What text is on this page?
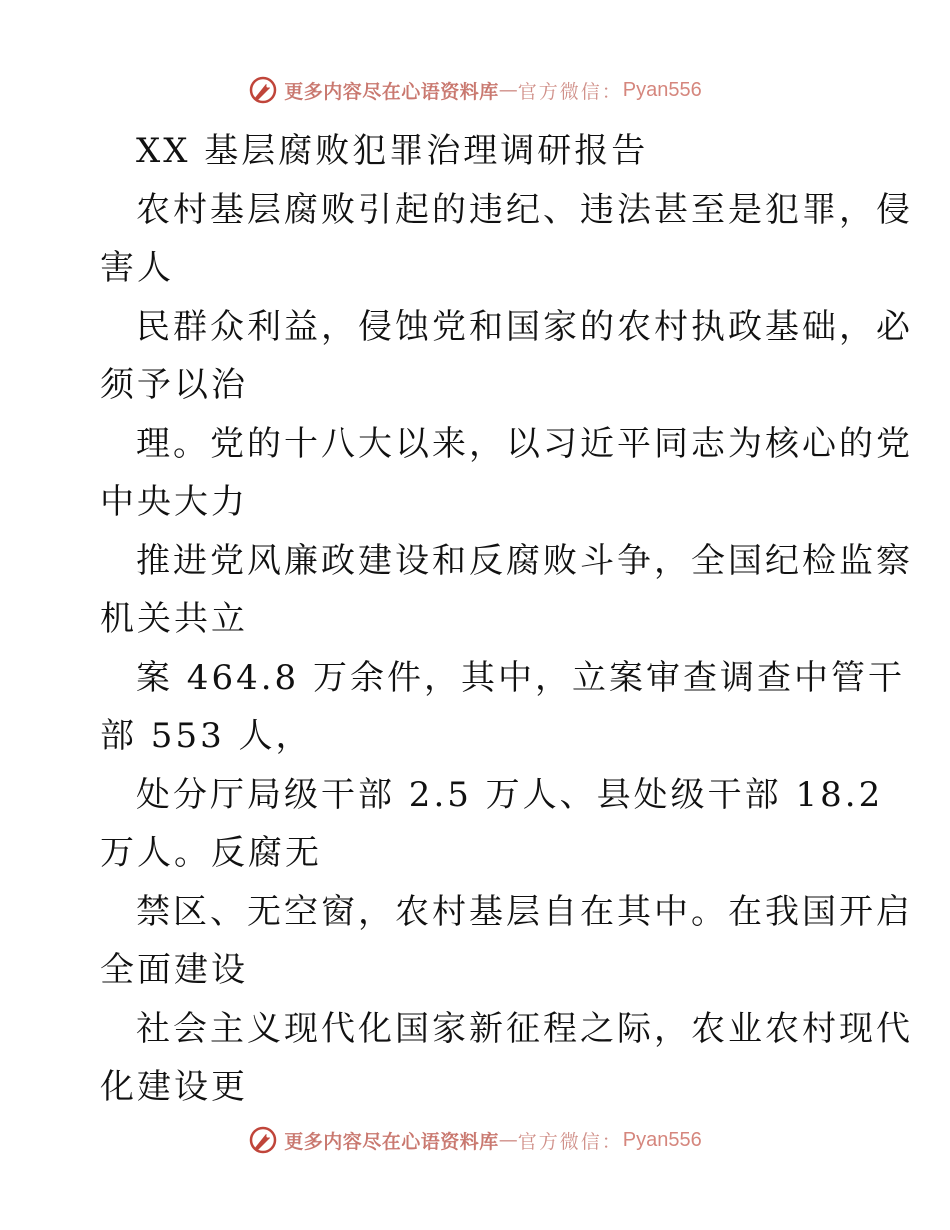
更多内容尽在心语资料库 — 官方微信： Pyan556
XX 基层腐败犯罪治理调研报告
农村基层腐败引起的违纪、违法甚至是犯罪，侵
害人
民群众利益，侵蚀党和国家的农村执政基础，必
须予以治
理。党的十八大以来，以习近平同志为核心的党
中央大力
推进党风廉政建设和反腐败斗争，全国纪检监察
机关共立
案 464.8 万余件，其中，立案审查调查中管干
部 553 人，
处分厅局级干部 2.5 万人、县处级干部 18.2
万人。反腐无
禁区、无空窗，农村基层自在其中。在我国开启
全面建设
社会主义现代化国家新征程之际，农业农村现代
化建设更
更多内容尽在心语资料库 — 官方微信： Pyan556
